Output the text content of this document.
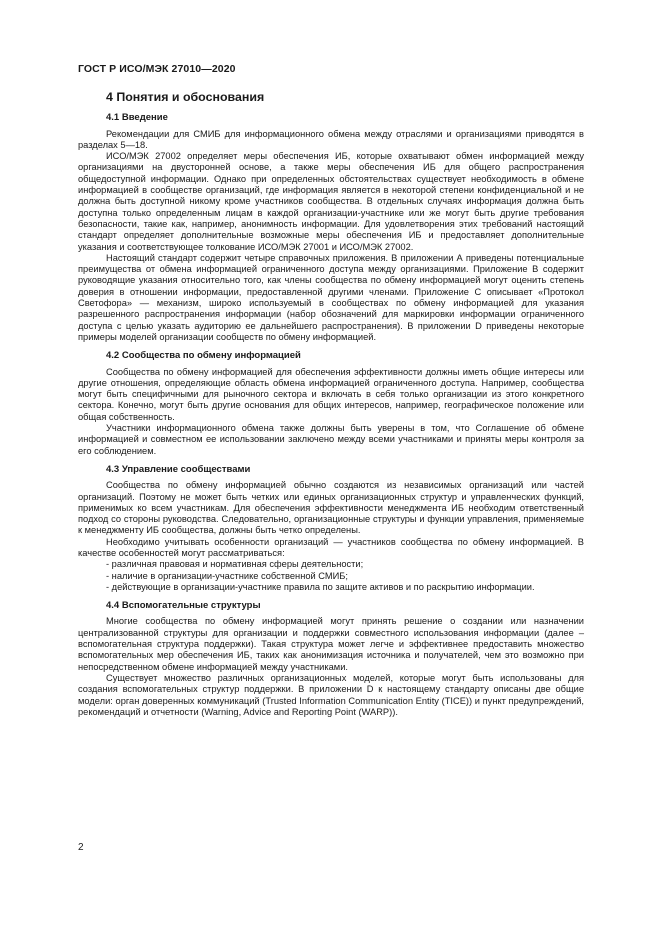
ГОСТ Р ИСО/МЭК 27010—2020
4 Понятия и обоснования
4.1 Введение

Рекомендации для СМИБ для информационного обмена между отраслями и организациями приводятся в разделах 5—18.

ИСО/МЭК 27002 определяет меры обеспечения ИБ, которые охватывают обмен информацией между организациями на двусторонней основе, а также меры обеспечения ИБ для общего распространения общедоступной информации. Однако при определенных обстоятельствах существует необходимость в обмене информацией в сообществе организаций, где информация является в некоторой степени конфиденциальной и не должна быть доступной никому кроме участников сообщества. В отдельных случаях информация должна быть доступна только определенным лицам в каждой организации-участнике или же могут быть другие требования безопасности, такие как, например, анонимность информации. Для удовлетворения этих требований настоящий стандарт определяет дополнительные возможные меры обеспечения ИБ и предоставляет дополнительные указания и соответствующее толкование ИСО/МЭК 27001 и ИСО/МЭК 27002.

Настоящий стандарт содержит четыре справочных приложения. В приложении А приведены потенциальные преимущества от обмена информацией ограниченного доступа между организациями. Приложение В содержит руководящие указания относительно того, как члены сообщества по обмену информацией могут оценить степень доверия в отношении информации, предоставленной другими членами. Приложение С описывает «Протокол Светофора» — механизм, широко используемый в сообществах по обмену информацией для указания разрешенного распространения информации (набор обозначений для маркировки информации ограниченного доступа с целью указать аудиторию ее дальнейшего распространения). В приложении D приведены некоторые примеры моделей организации сообществ по обмену информацией.

4.2 Сообщества по обмену информацией

Сообщества по обмену информацией для обеспечения эффективности должны иметь общие интересы или другие отношения, определяющие область обмена информацией ограниченного доступа. Например, сообщества могут быть специфичными для рыночного сектора и включать в себя только организации из этого конкретного сектора. Конечно, могут быть другие основания для общих интересов, например, географическое положение или общая собственность.

Участники информационного обмена также должны быть уверены в том, что Соглашение об обмене информацией и совместном ее использовании заключено между всеми участниками и приняты меры контроля за его соблюдением.

4.3 Управление сообществами

Сообщества по обмену информацией обычно создаются из независимых организаций или частей организаций. Поэтому не может быть четких или единых организационных структур и управленческих функций, применимых ко всем участникам. Для обеспечения эффективности менеджмента ИБ необходим ответственный подход со стороны руководства. Следовательно, организационные структуры и функции управления, применяемые к менеджменту ИБ сообщества, должны быть четко определены.

Необходимо учитывать особенности организаций — участников сообщества по обмену информацией. В качестве особенностей могут рассматриваться:

- различная правовая и нормативная сферы деятельности;
- наличие в организации-участнике собственной СМИБ;
- действующие в организации-участнике правила по защите активов и по раскрытию информации.
4.4 Вспомогательные структуры

Многие сообщества по обмену информацией могут принять решение о создании или назначении централизованной структуры для организации и поддержки совместного использования информации (далее – вспомогательная структура поддержки). Такая структура может легче и эффективнее предоставить множество вспомогательных мер обеспечения ИБ, таких как анонимизация источника и получателей, чем это возможно при непосредственном обмене информацией между участниками.

Существует множество различных организационных моделей, которые могут быть использованы для создания вспомогательных структур поддержки. В приложении D к настоящему стандарту описаны две общие модели: орган доверенных коммуникаций (Trusted Information Communication Entity (TICE)) и пункт предупреждений, рекомендаций и отчетности (Warning, Advice and Reporting Point (WARP)).

2
